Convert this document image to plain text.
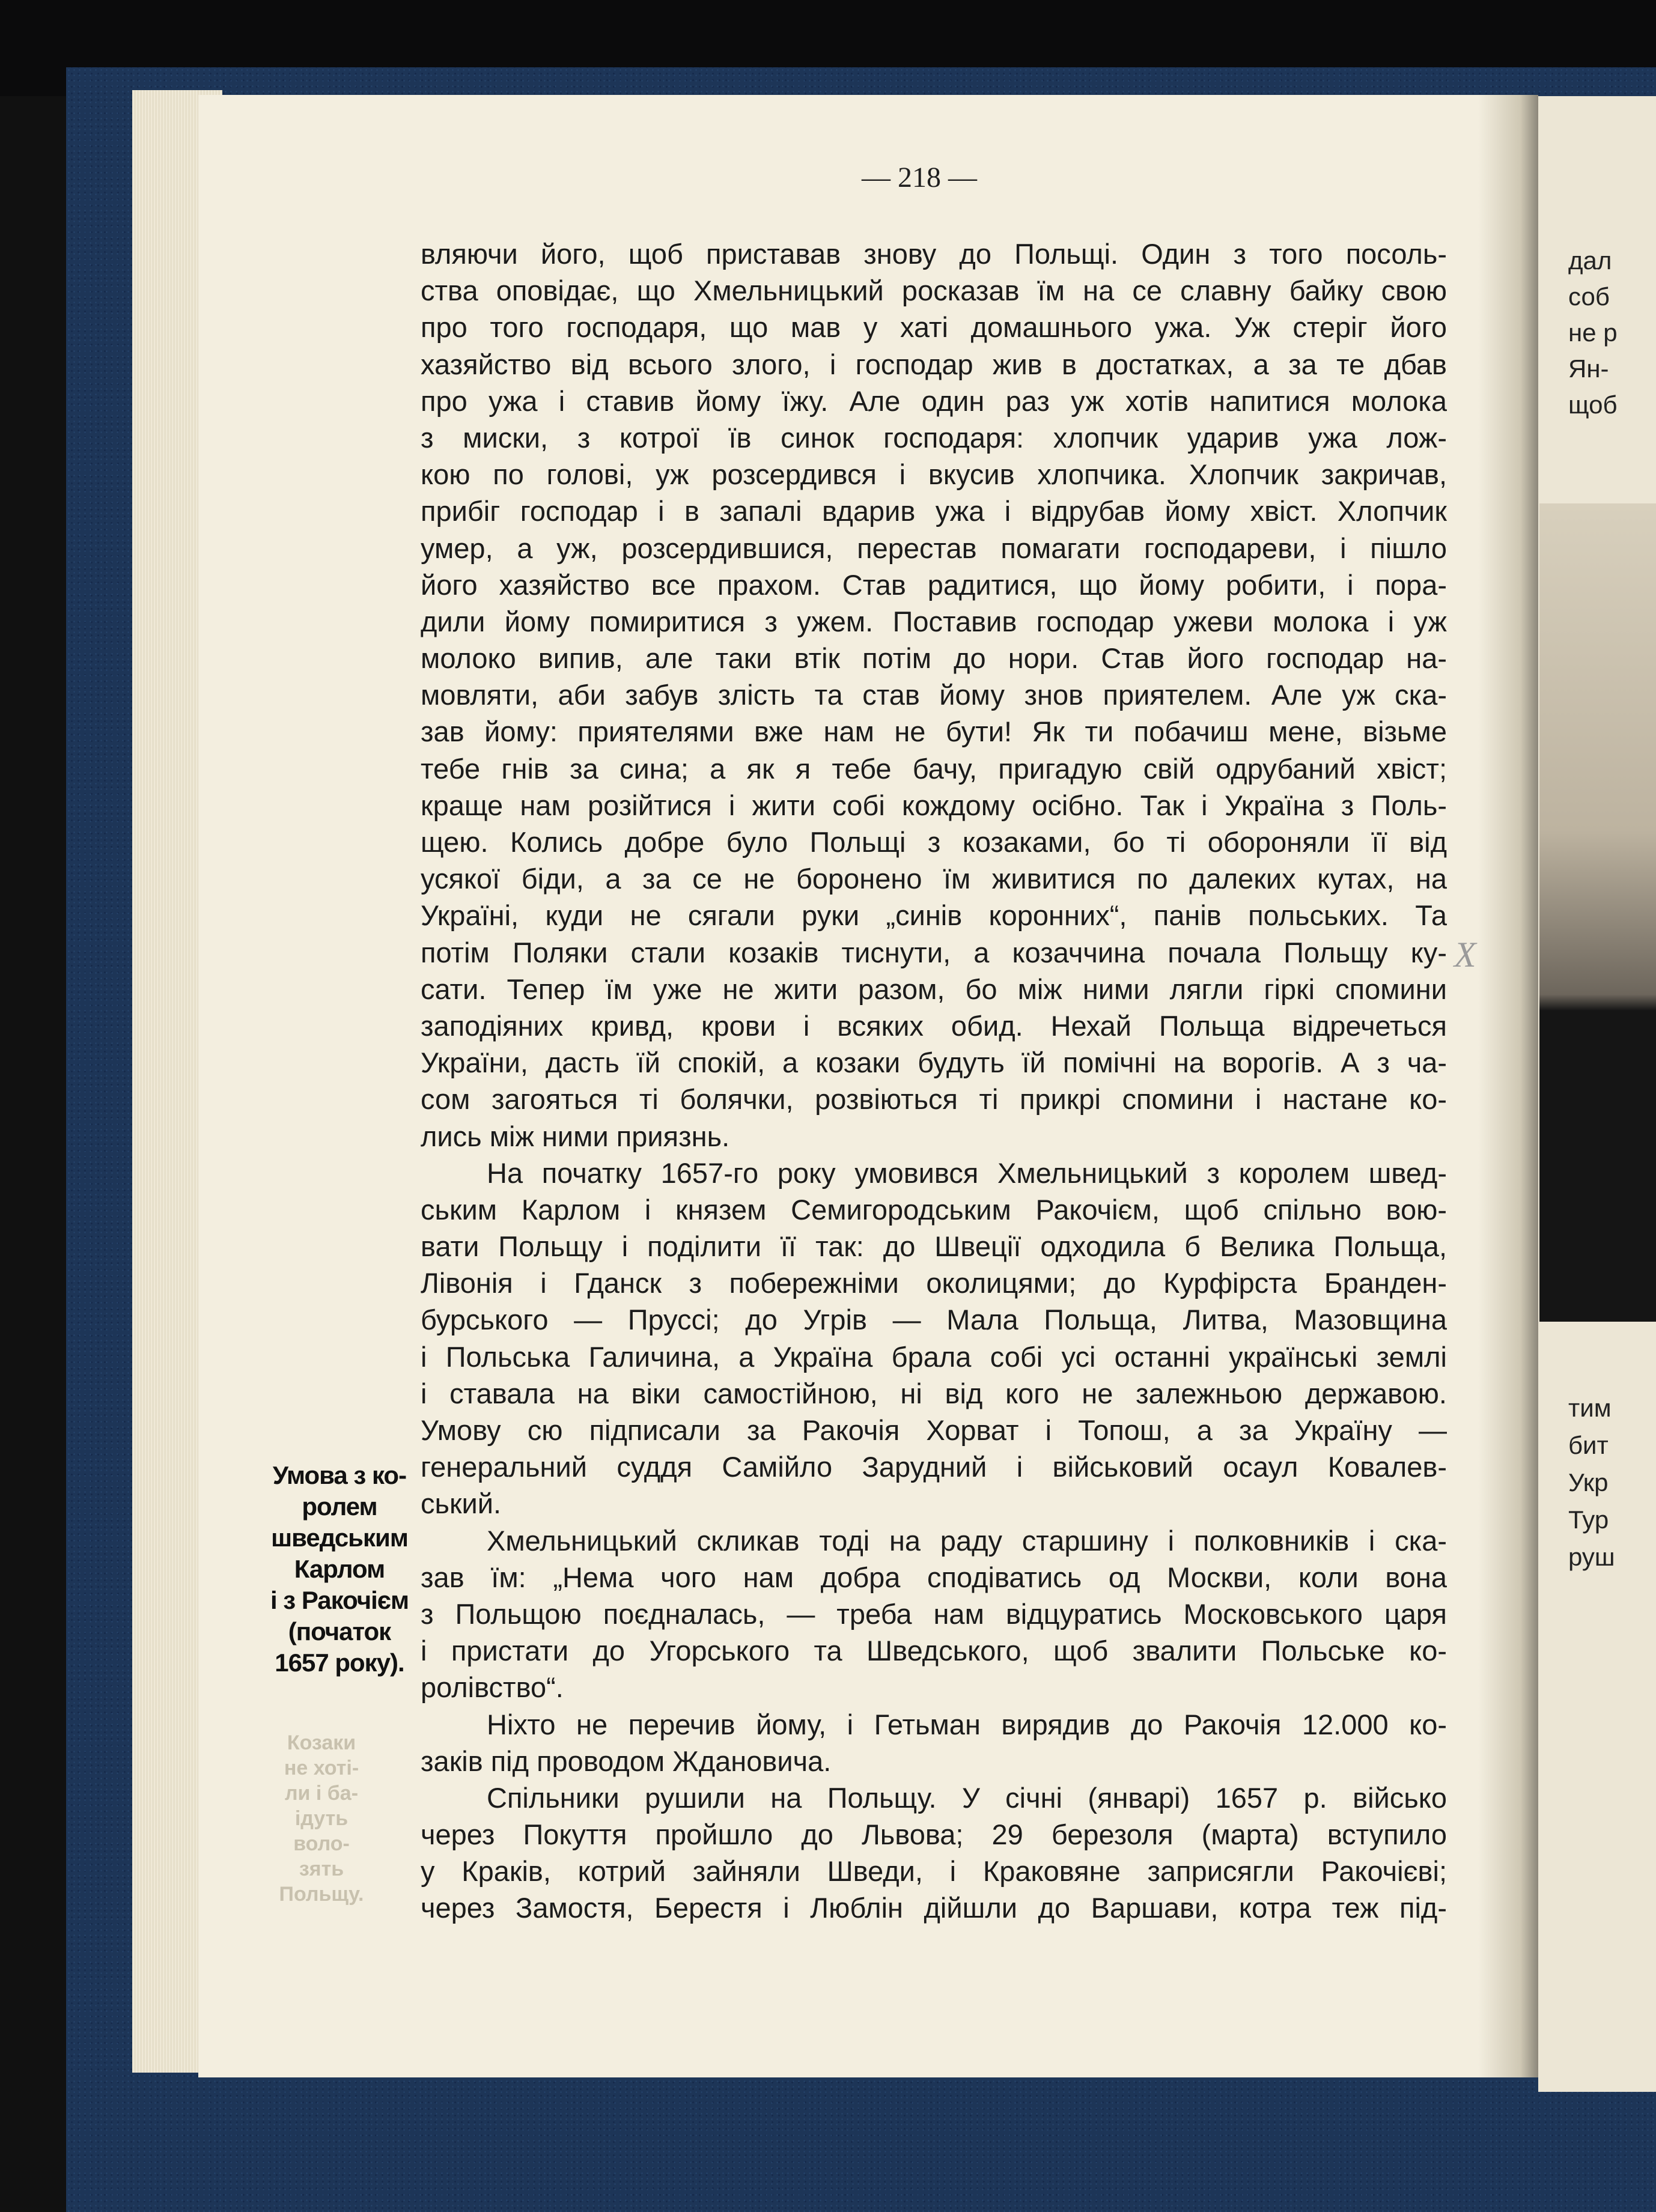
дал
соб
не р
Ян-
щоб
тим
бит
Укр
Тур
руш
— 218 —
вляючи його, щоб приставав знову до Польщі. Один з того посоль-
ства оповідає, що Хмельницький росказав їм на се славну байку свою
про того господаря, що мав у хаті домашнього ужа. Уж стеріг його
хазяйство від всього злого, і господар жив в достатках, а за те дбав
про ужа і ставив йому їжу. Але один раз уж хотів напитися молока
з миски, з котрої їв синок господаря: хлопчик ударив ужа лож-
кою по голові, уж розсердився і вкусив хлопчика. Хлопчик закричав,
прибіг господар і в запалі вдарив ужа і відрубав йому хвіст. Хлопчик
умер, а уж, розсердившися, перестав помагати господареви, і пішло
його хазяйство все прахом. Став радитися, що йому робити, і пора-
дили йому помиритися з ужем. Поставив господар ужеви молока і уж
молоко випив, але таки втік потім до нори. Став його господар на-
мовляти, аби забув злість та став йому знов приятелем. Але уж ска-
зав йому: приятелями вже нам не бути! Як ти побачиш мене, візьме
тебе гнів за сина; а як я тебе бачу, пригадую свій одрубаний хвіст;
краще нам розійтися і жити собі кождому осібно. Так і Україна з Поль-
щею. Колись добре було Польщі з козаками, бо ті обороняли її від
усякої біди, а за се не боронено їм живитися по далеких кутах, на
Україні, куди не сягали руки „синів коронних“, панів польських. Та
потім Поляки стали козаків тиснути, а козаччина почала Польщу ку-
сати. Тепер їм уже не жити разом, бо між ними лягли гіркі спомини
заподіяних кривд, крови і всяких обид. Нехай Польща відречеться
України, дасть їй спокій, а козаки будуть їй помічні на ворогів. А з ча-
сом загояться ті болячки, розвіються ті прикрі спомини і настане ко-
лись між ними приязнь.
На початку 1657-го року умовився Хмельницький з королем швед-
ським Карлом і князем Семигородським Ракочієм, щоб спільно вою-
вати Польщу і поділити її так: до Швеції одходила б Велика Польща,
Лівонія і Гданск з побережніми околицями; до Курфірста Бранден-
бурського — Пруссі; до Угрів — Мала Польща, Литва, Мазовщина
і Польська Галичина, а Україна брала собі усі останні українські землі
і ставала на віки самостійною, ні від кого не залежньою державою.
Умову сю підписали за Ракочія Хорват і Топош, а за Україну —
генеральний суддя Самійло Зарудний і військовий осаул Ковалев-
ський.
Хмельницький скликав тоді на раду старшину і полковників і ска-
зав їм: „Нема чого нам добра сподіватись од Москви, коли вона
з Польщою поєдналась, — треба нам відцуратись Московського царя
і пристати до Угорського та Шведського, щоб звалити Польське ко-
ролівство“.
Ніхто не перечив йому, і Гетьман вирядив до Ракочія 12.000 ко-
заків під проводом Ждановича.
Спільники рушили на Польщу. У січні (январі) 1657 р. військо
через Покуття пройшло до Львова; 29 березоля (марта) вступило
у Краків, котрий зайняли Шведи, і Краковяне заприсягли Ракочієві;
через Замостя, Берестя і Люблін дійшли до Варшави, котра теж під-
Умова з ко-
ролем
шведським
Карлом
і з Ракочієм
(початок
1657 року).
Козаки
не хоті-
ли і ба-
ідуть
воло-
зять
Польщу.
X
